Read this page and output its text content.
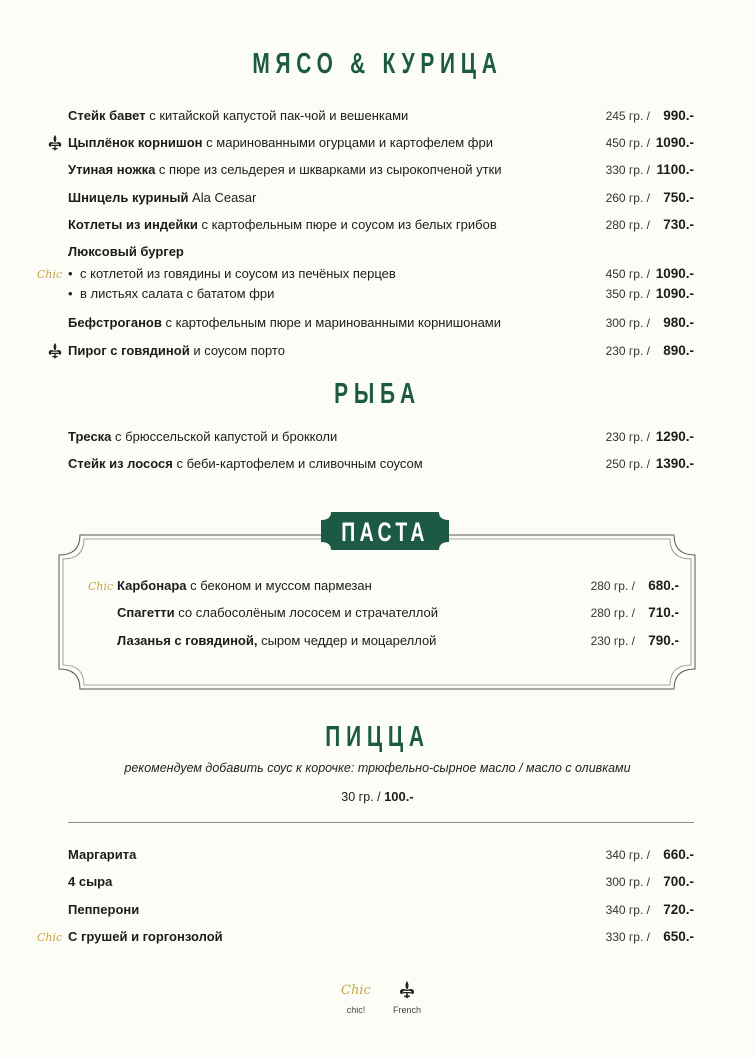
МЯСО & КУРИЦА
Стейк бавет с китайской капустой пак-чой и вешенками	245 гр. / 990.-
Цыплёнок корнишон с маринованными огурцами и картофелем фри	450 гр. / 1090.-
Утиная ножка с пюре из сельдерея и шкварками из сырокопченой утки	330 гр. / 1100.-
Шницель куриный Ala Ceasar	260 гр. / 750.-
Котлеты из индейки с картофельным пюре и соусом из белых грибов	280 гр. / 730.-
Люксовый бургер
Chic • с котлетой из говядины и соусом из печёных перцев	450 гр. / 1090.-
• в листьях салата с бататом фри	350 гр. / 1090.-
Бефстроганов с картофельным пюре и маринованными корнишонами	300 гр. / 980.-
Пирог с говядиной и соусом порто	230 гр. / 890.-
РЫБА
Треска с брюссельской капустой и брокколи	230 гр. / 1290.-
Стейк из лосося с беби-картофелем и сливочным соусом	250 гр. / 1390.-
ПАСТА
Chic Карбонара с беконом и муссом пармезан	280 гр. / 680.-
Спагетти со слабосолёным лососем и страчателлой	280 гр. / 710.-
Лазанья с говядиной, сыром чеддер и моцареллой	230 гр. / 790.-
ПИЦЦА
рекомендуем добавить соус к корочке: трюфельно-сырное масло / масло с оливками
30 гр. / 100.-
Маргарита	340 гр. / 660.-
4 сыра	300 гр. / 700.-
Пепперони	340 гр. / 720.-
Chic С грушей и горгонзолой	330 гр. / 650.-
Chic
chic!	French
